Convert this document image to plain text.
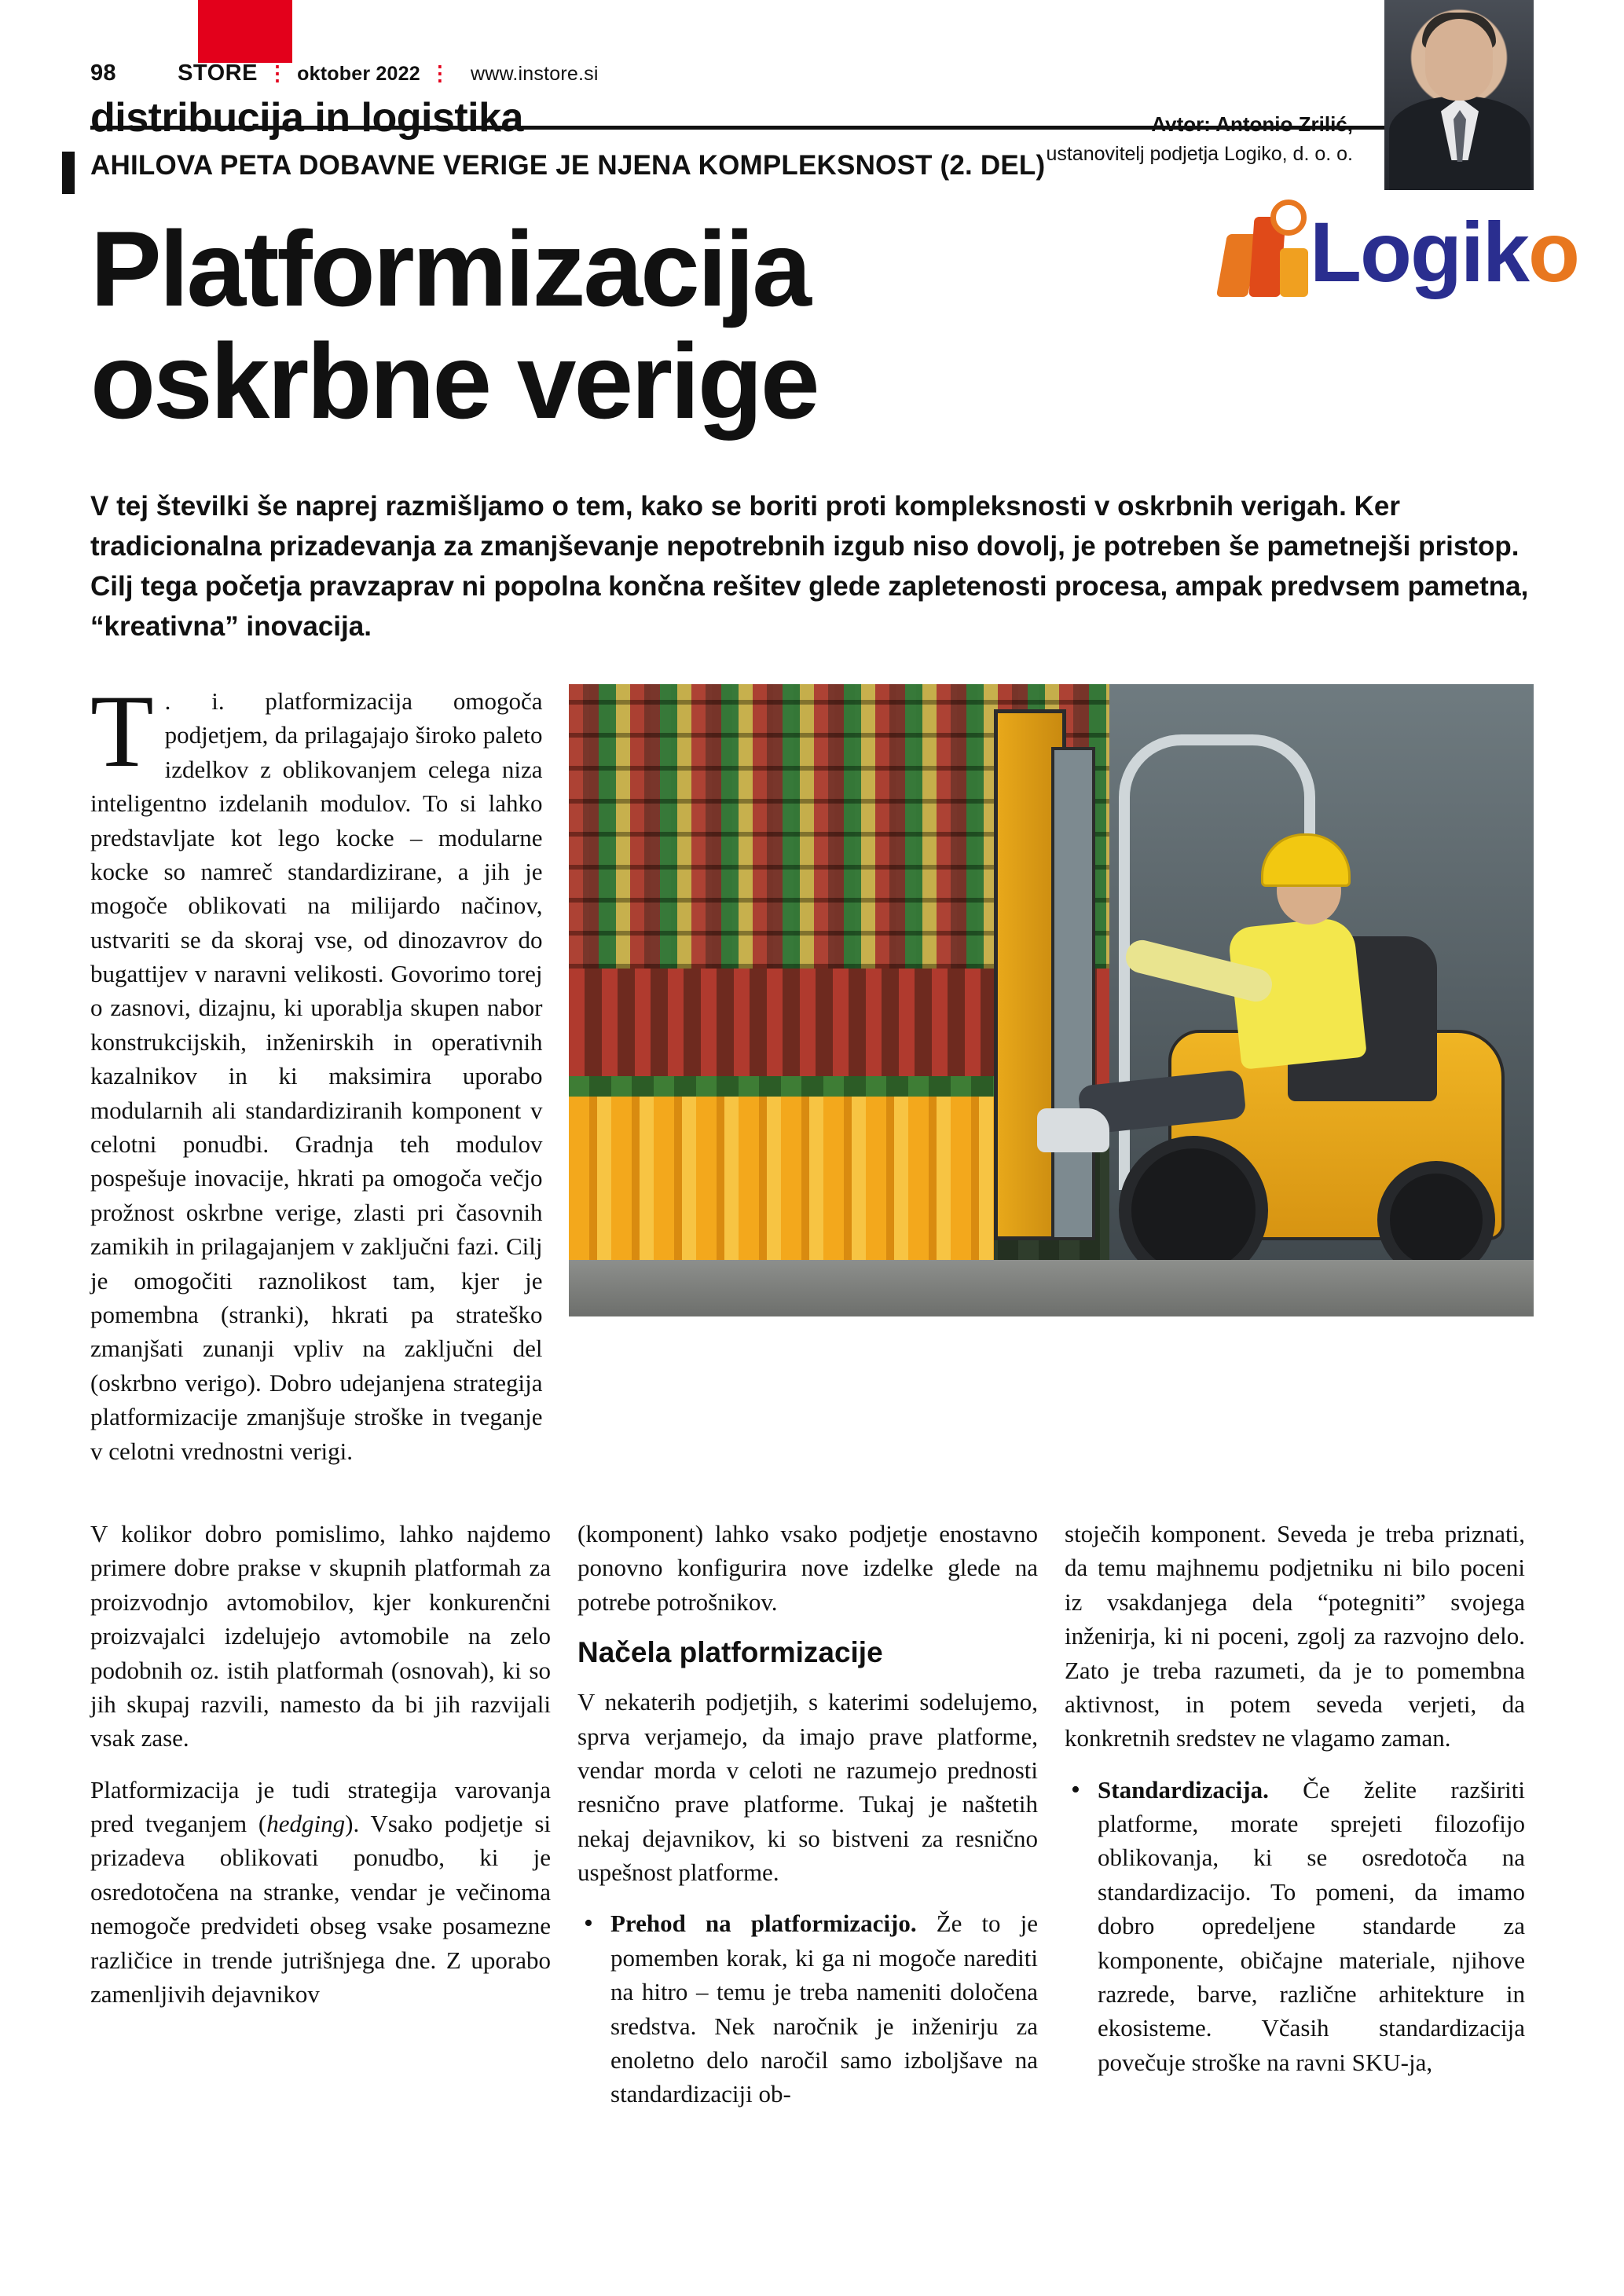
98 IN STORE ⋮ oktober 2022 ⋮ www.instore.si
distribucija in logistika	Avtor: Antonio Zrilić,
ustanovitelj podjetja Logiko, d. o. o.
AHILOVA PETA DOBAVNE VERIGE JE NJENA KOMPLEKSNOST (2. DEL)
Logiko
Platformizacija
oskrbne verige
V tej številki še naprej razmišljamo o tem, kako se boriti proti kompleksnosti v oskrbnih verigah. Ker tradicionalna prizadevanja za zmanjševanje nepotrebnih izgub niso dovolj, je potreben še pametnejši pristop. Cilj tega početja pravzaprav ni popolna končna rešitev glede zapletenosti procesa, ampak predvsem pametna, “kreativna” inovacija.

T . i. platformizacija omogoča podjetjem, da prilagajajo široko paleto izdelkov z oblikovanjem celega niza inteligentno izdelanih modulov. To si lahko predstavljate kot lego kocke – modularne kocke so namreč standardizirane, a jih je mogoče oblikovati na milijardo načinov, ustvariti se da skoraj vse, od dinozavrov do bugattijev v naravni velikosti. Govorimo torej o zasnovi, dizajnu, ki uporablja skupen nabor konstrukcijskih, inženirskih in operativnih kazalnikov in ki maksimira uporabo modularnih ali standardiziranih komponent v celotni ponudbi. Gradnja teh modulov pospešuje inovacije, hkrati pa omogoča večjo prožnost oskrbne verige, zlasti pri časovnih zamikih in prilagajanjem v zaključni fazi. Cilj je omogočiti raznolikost tam, kjer je pomembna (stranki), hkrati pa strateško zmanjšati zunanji vpliv na zaključni del (oskrbno verigo). Dobro udejanjena strategija platformizacije zmanjšuje stroške in tveganje v celotni vrednostni verigi.

V kolikor dobro pomislimo, lahko najdemo primere dobre prakse v skupnih platformah za proizvodnjo avtomobilov, kjer konkurenčni proizvajalci izdelujejo avtomobile na zelo podobnih oz. istih platformah (osnovah), ki so jih skupaj razvili, namesto da bi jih razvijali vsak zase.

Platformizacija je tudi strategija varovanja pred tveganjem (hedging). Vsako podjetje si prizadeva oblikovati ponudbo, ki je osredotočena na stranke, vendar je večinoma nemogoče predvideti obseg vsake posamezne različice in trende jutrišnjega dne. Z uporabo zamenljivih dejavnikov

(komponent) lahko vsako podjetje enostavno ponovno konfigurira nove izdelke glede na potrebe potrošnikov.

Načela platformizacije

V nekaterih podjetjih, s katerimi sodelujemo, sprva verjamejo, da imajo prave platforme, vendar morda v celoti ne razumejo prednosti resnično prave platforme. Tukaj je naštetih nekaj dejavnikov, ki so bistveni za resnično uspešnost platforme.

• Prehod na platformizacijo. Že to je pomemben korak, ki ga ni mogoče narediti na hitro – temu je treba nameniti določena sredstva. Nek naročnik je inženirju za enoletno delo naročil samo izboljšave na standardizaciji ob-

stoječih komponent. Seveda je treba priznati, da temu majhnemu podjetniku ni bilo poceni iz vsakdanjega dela “potegniti” svojega inženirja, ki ni poceni, zgolj za razvojno delo. Zato je treba razumeti, da je to pomembna aktivnost, in potem seveda verjeti, da konkretnih sredstev ne vlagamo zaman.

• Standardizacija. Če želite razširiti platforme, morate sprejeti filozofijo oblikovanja, ki se osredotoča na standardizacijo. To pomeni, da imamo dobro opredeljene standarde za komponente, običajne materiale, njihove razrede, barve, različne arhitekture in ekosisteme. Včasih standardizacija povečuje stroške na ravni SKU-ja,
